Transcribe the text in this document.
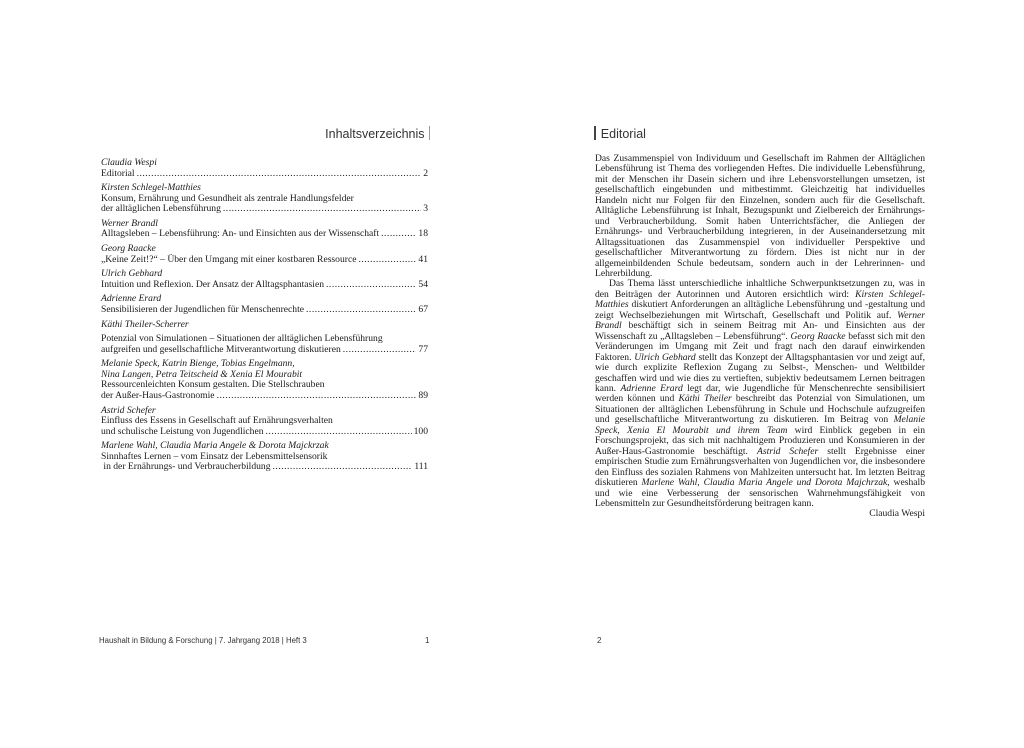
Inhaltsverzeichnis
Claudia Wespi
Editorial .....	2
Kirsten Schlegel-Matthies
Konsum, Ernährung und Gesundheit als zentrale Handlungsfelder
der alltäglichen Lebensführung .....	3
Werner Brandl
Alltagsleben – Lebensführung: An- und Einsichten aus der Wissenschaft .....	18
Georg Raacke
„Keine Zeit!?“ – Über den Umgang mit einer kostbaren Ressource .....	41
Ulrich Gebhard
Intuition und Reflexion. Der Ansatz der Alltagsphantasien .....	54
Adrienne Erard
Sensibilisieren der Jugendlichen für Menschenrechte .....	67
Käthi Theiler-Scherrer
Potenzial von Simulationen – Situationen der alltäglichen Lebensführung
aufgreifen und gesellschaftliche Mitverantwortung diskutieren .....	77
Melanie Speck, Katrin Bienge, Tobias Engelmann,
Nina Langen, Petra Teitscheid & Xenia El Mourabit
Ressourcenleichten Konsum gestalten. Die Stellschrauben
der Außer-Haus-Gastronomie .....	89
Astrid Schefer
Einfluss des Essens in Gesellschaft auf Ernährungsverhalten
und schulische Leistung von Jugendlichen .....	100
Marlene Wahl, Claudia Maria Angele & Dorota Majckrzak
Sinnhaftes Lernen – vom Einsatz der Lebensmittelsensorik
in der Ernährungs- und Verbraucherbildung .....	111
Haushalt in Bildung & Forschung | 7. Jahrgang 2018 | Heft 3	1
Editorial

Das Zusammenspiel von Individuum und Gesellschaft im Rahmen der Alltäglichen Lebensführung ist Thema des vorliegenden Heftes. Die individuelle Lebensführung, mit der Menschen ihr Dasein sichern und ihre Lebensvorstellungen umsetzen, ist gesellschaftlich eingebunden und mitbestimmt. Gleichzeitig hat individuelles Handeln nicht nur Folgen für den Einzelnen, sondern auch für die Gesellschaft. Alltägliche Lebensführung ist Inhalt, Bezugspunkt und Zielbereich der Ernährungs- und Verbraucherbildung. Somit haben Unterrichtsfächer, die Anliegen der Ernährungs- und Verbraucherbildung integrieren, in der Auseinandersetzung mit Alltagssituationen das Zusammenspiel von individueller Perspektive und gesellschaftlicher Mitverantwortung zu fördern. Dies ist nicht nur in der allgemeinbildenden Schule bedeutsam, sondern auch in der Lehrerinnen- und Lehrerbildung.

Das Thema lässt unterschiedliche inhaltliche Schwerpunktsetzungen zu, was in den Beiträgen der Autorinnen und Autoren ersichtlich wird: Kirsten Schlegel-Matthies diskutiert Anforderungen an alltägliche Lebensführung und -gestaltung und zeigt Wechselbeziehungen mit Wirtschaft, Gesellschaft und Politik auf. Werner Brandl beschäftigt sich in seinem Beitrag mit An- und Einsichten aus der Wissenschaft zu „Alltagsleben – Lebensführung“. Georg Raacke befasst sich mit den Veränderungen im Umgang mit Zeit und fragt nach den darauf einwirkenden Faktoren. Ulrich Gebhard stellt das Konzept der Alltagsphantasien vor und zeigt auf, wie durch explizite Reflexion Zugang zu Selbst-, Menschen- und Weltbilder geschaffen wird und wie dies zu vertieften, subjektiv bedeutsamem Lernen beitragen kann. Adrienne Erard legt dar, wie Jugendliche für Menschenrechte sensibilisiert werden können und Käthi Theiler beschreibt das Potenzial von Simulationen, um Situationen der alltäglichen Lebensführung in Schule und Hochschule aufzugreifen und gesellschaftliche Mitverantwortung zu diskutieren. Im Beitrag von Melanie Speck, Xenia El Mourabit und ihrem Team wird Einblick gegeben in ein Forschungsprojekt, das sich mit nachhaltigem Produzieren und Konsumieren in der Außer-Haus-Gastronomie beschäftigt. Astrid Schefer stellt Ergebnisse einer empirischen Studie zum Ernährungsverhalten von Jugendlichen vor, die insbesondere den Einfluss des sozialen Rahmens von Mahlzeiten untersucht hat. Im letzten Beitrag diskutieren Marlene Wahl, Claudia Maria Angele und Dorota Majchrzak, weshalb und wie eine Verbesserung der sensorischen Wahrnehmungsfähigkeit von Lebensmitteln zur Gesundheitsförderung beitragen kann.

Claudia Wespi
2
